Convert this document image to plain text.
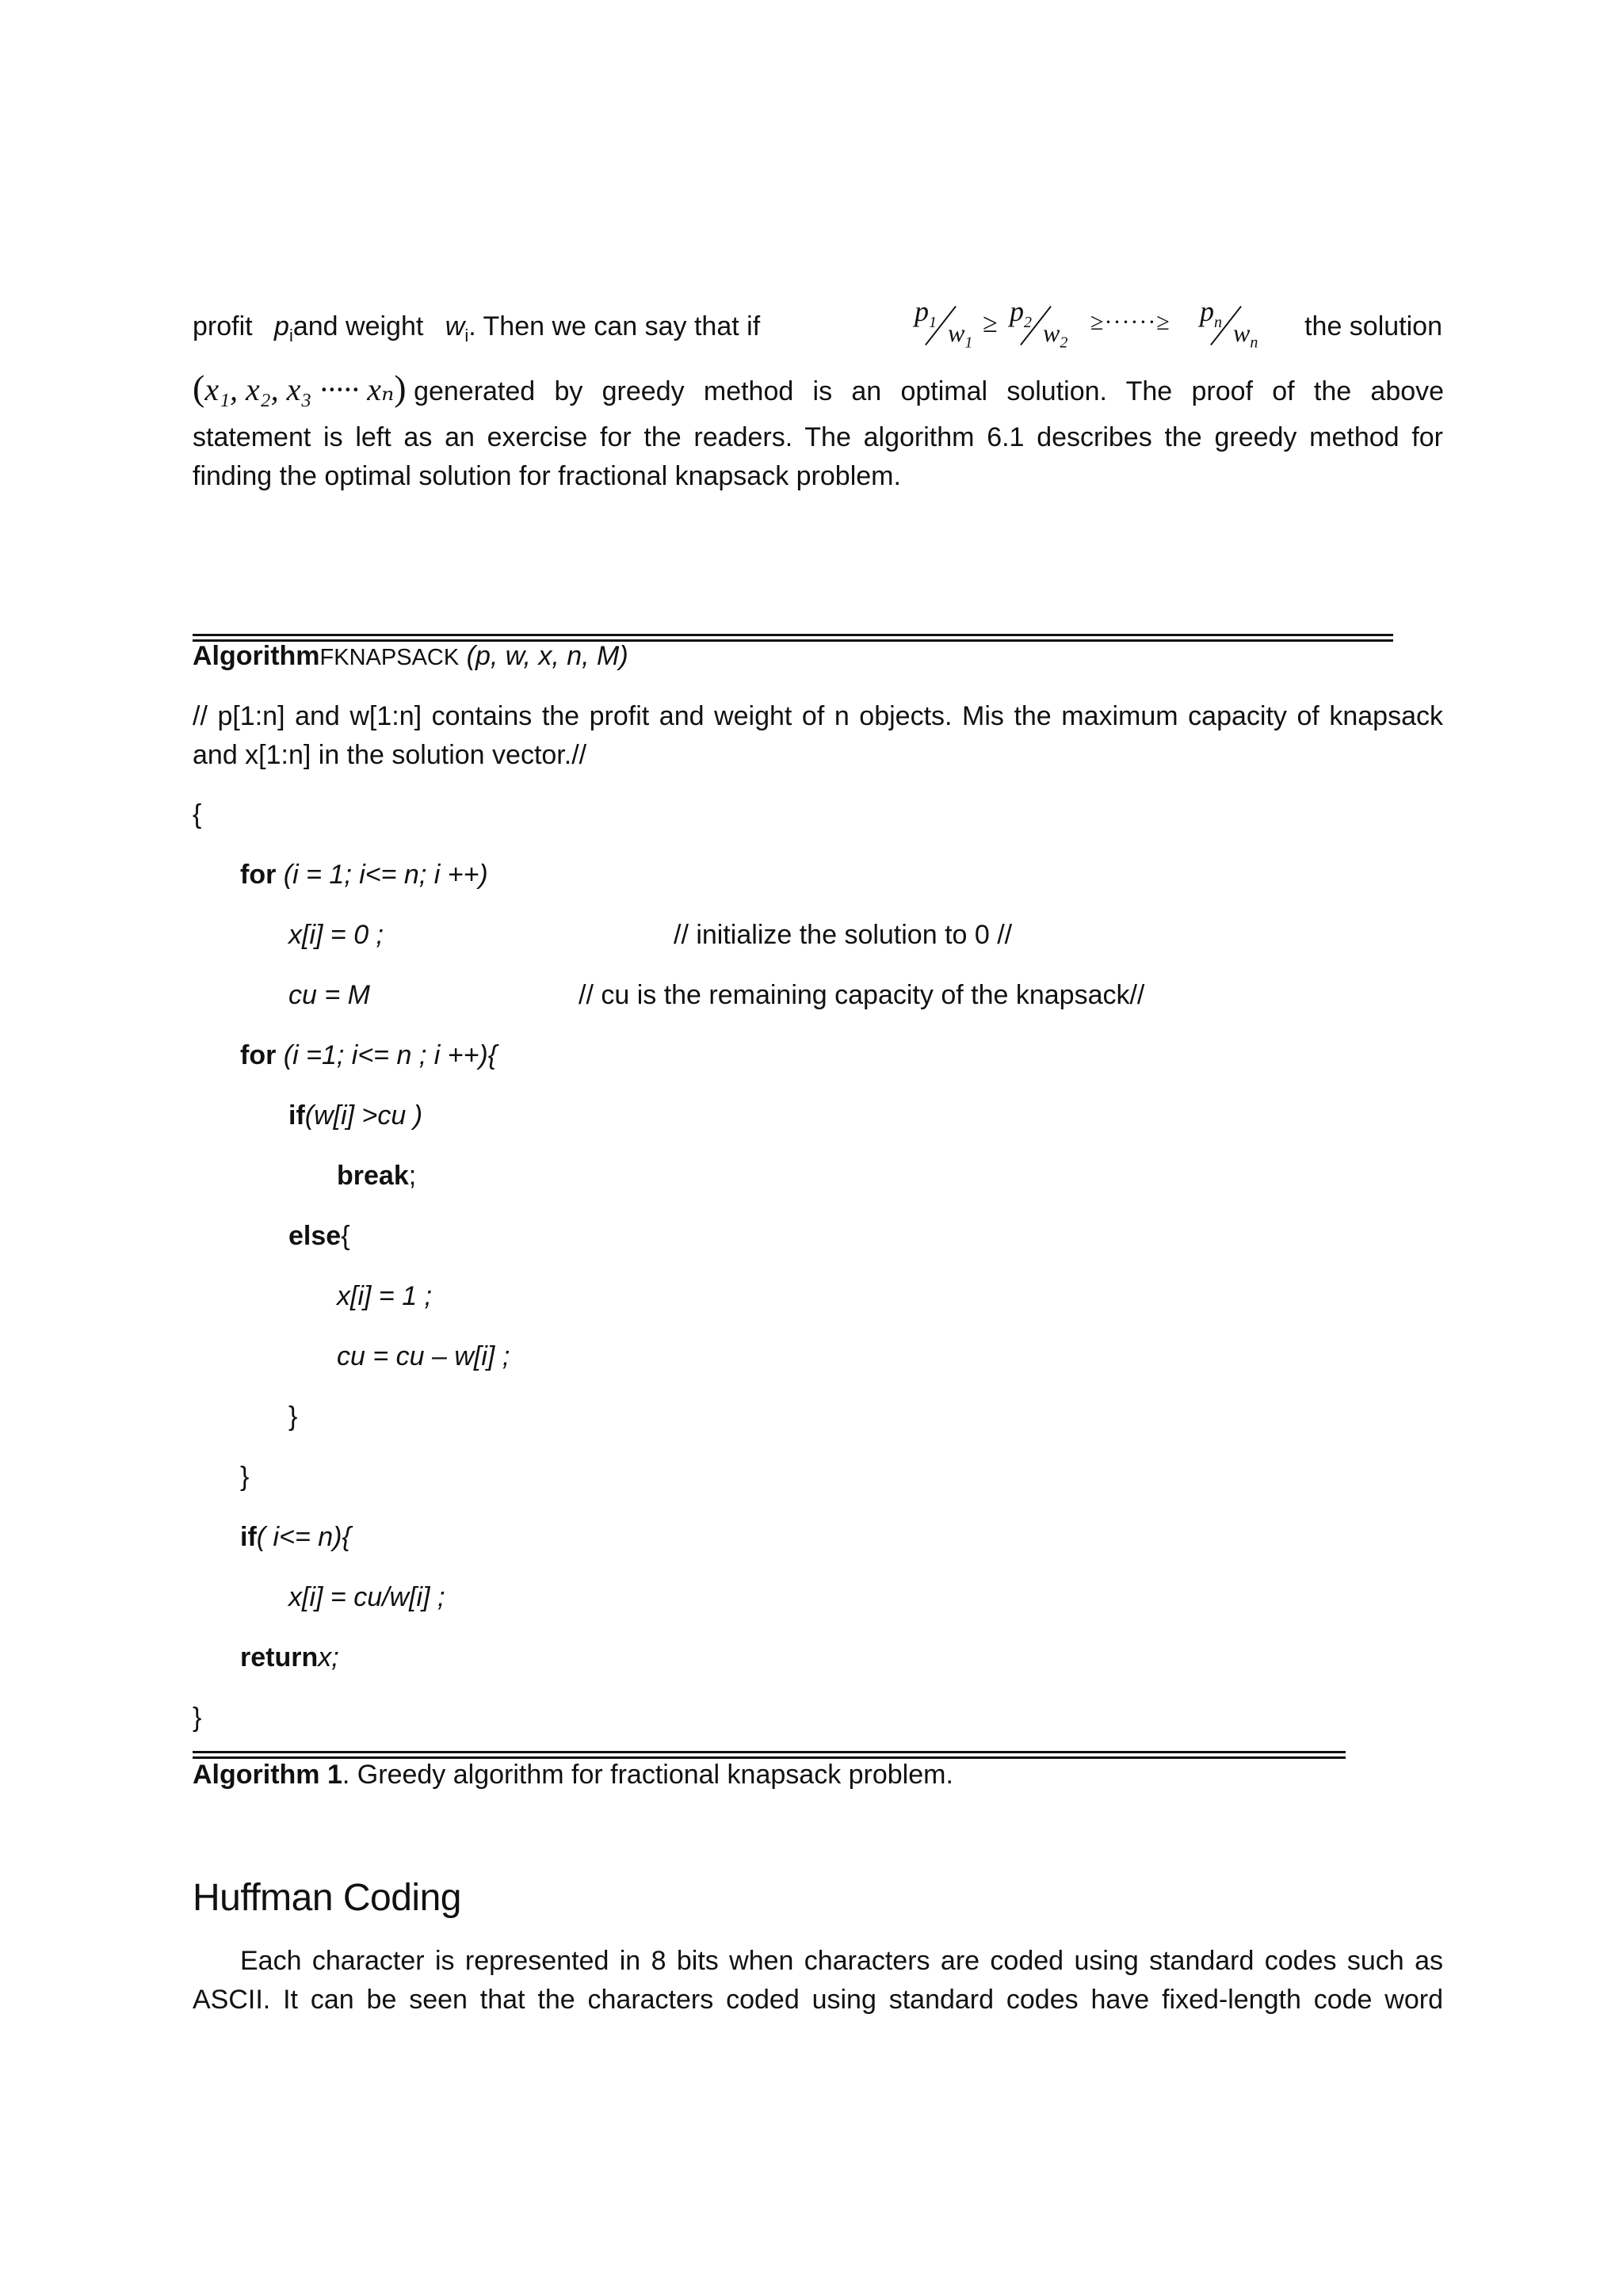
profit $p_iand$ weight $w_i$. Then we can say that if	$p_1$ $w_1$
≥ $p_2$ $w_2$
≥······≥ $p_n$ $w_n$
the solution
(x₁, x₂, x₃ ····· xₙ) generated by greedy method is an optimal solution. The proof of the above
statement is left as an exercise for the readers. The algorithm 6.1 describes the greedy method for
finding the optimal solution for fractional knapsack problem.
AlgorithmFKNAPSACK (p, w, x, n, M)
// p[1:n] and w[1:n] contains the profit and weight of n objects. Mis the maximum capacity of knapsack
and x[1:n] in the solution vector.//
{
for (i = 1; i<= n; i ++)
x[i] = 0 ;	// initialize the solution to 0 //
cu = M	// cu is the remaining capacity of the knapsack//
for (i =1; i<= n ; i ++){
if(w[i] >cu )
break;
else{
x[i] = 1 ;
cu = cu – w[i] ;
}
}
if( i<= n){
x[i] = cu/w[i] ;
returnx;
}
Algorithm 1. Greedy algorithm for fractional knapsack problem.
Huffman Coding
Each character is represented in 8 bits when characters are coded using standard codes such as
ASCII. It can be seen that the characters coded using standard codes have fixed-length code word
